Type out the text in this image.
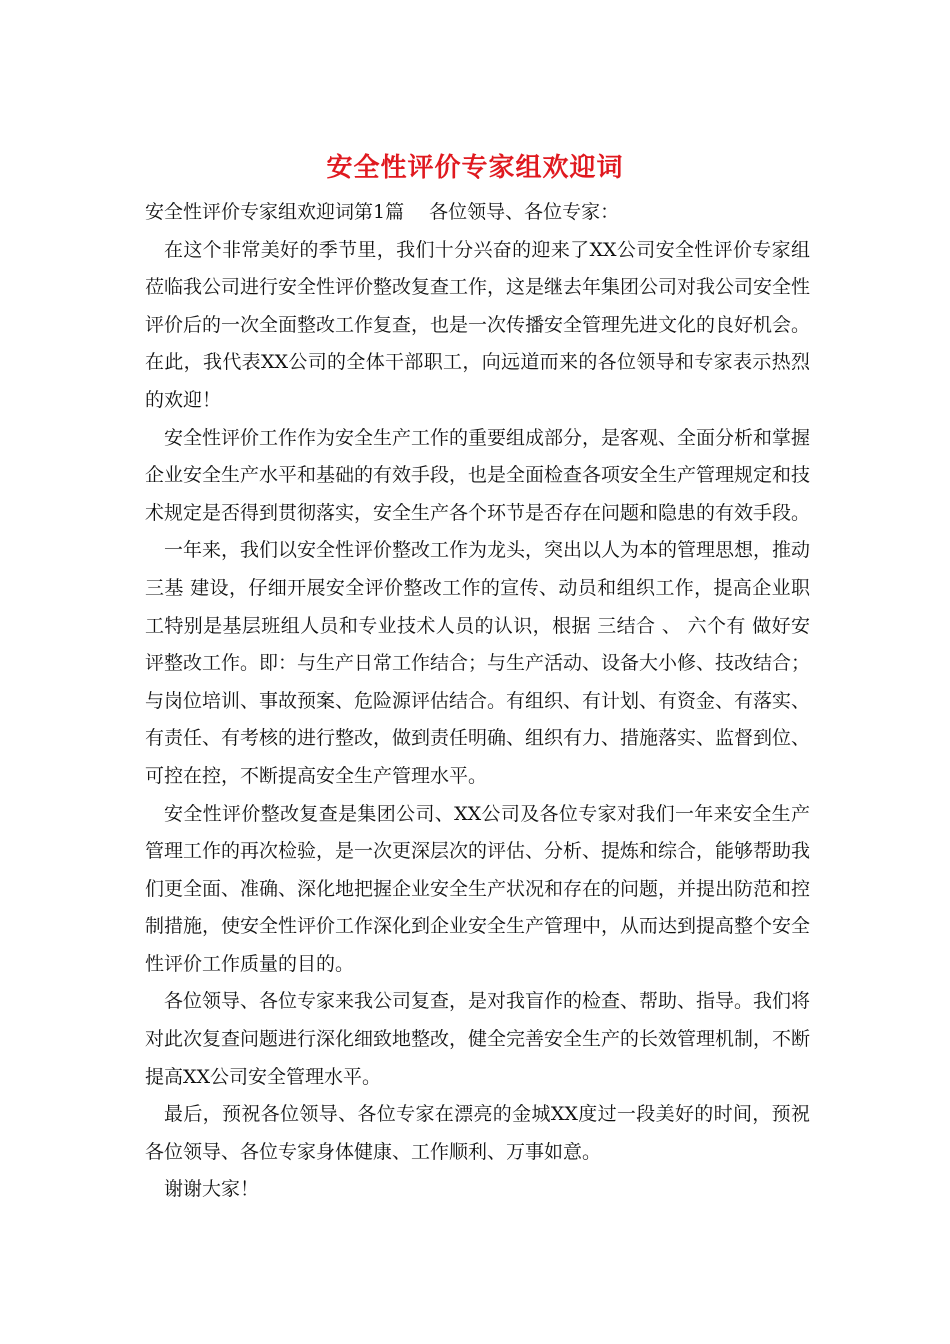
安全性评价专家组欢迎词

安全性评价专家组欢迎词第1篇　 各位领导、各位专家：

在这个非常美好的季节里，我们十分兴奋的迎来了XX公司安全性评价专家组莅临我公司进行安全性评价整改复查工作，这是继去年集团公司对我公司安全性评价后的一次全面整改工作复查，也是一次传播安全管理先进文化的良好机会。在此，我代表XX公司的全体干部职工，向远道而来的各位领导和专家表示热烈的欢迎！

安全性评价工作作为安全生产工作的重要组成部分，是客观、全面分析和掌握企业安全生产水平和基础的有效手段，也是全面检查各项安全生产管理规定和技术规定是否得到贯彻落实，安全生产各个环节是否存在问题和隐患的有效手段。

一年来，我们以安全性评价整改工作为龙头，突出以人为本的管理思想，推动 三基 建设，仔细开展安全评价整改工作的宣传、动员和组织工作，提高企业职工特别是基层班组人员和专业技术人员的认识，根据 三结合 、 六个有 做好安评整改工作。即：与生产日常工作结合；与生产活动、设备大小修、技改结合；与岗位培训、事故预案、危险源评估结合。有组织、有计划、有资金、有落实、有责任、有考核的进行整改，做到责任明确、组织有力、措施落实、监督到位、可控在控，不断提高安全生产管理水平。

安全性评价整改复查是集团公司、XX公司及各位专家对我们一年来安全生产管理工作的再次检验，是一次更深层次的评估、分析、提炼和综合，能够帮助我们更全面、准确、深化地把握企业安全生产状况和存在的问题，并提出防范和控制措施，使安全性评价工作深化到企业安全生产管理中，从而达到提高整个安全性评价工作质量的目的。

各位领导、各位专家来我公司复查，是对我盲作的检查、帮助、指导。我们将对此次复查问题进行深化细致地整改，健全完善安全生产的长效管理机制，不断提高XX公司安全管理水平。

最后，预祝各位领导、各位专家在漂亮的金城XX度过一段美好的时间，预祝各位领导、各位专家身体健康、工作顺利、万事如意。

谢谢大家！
